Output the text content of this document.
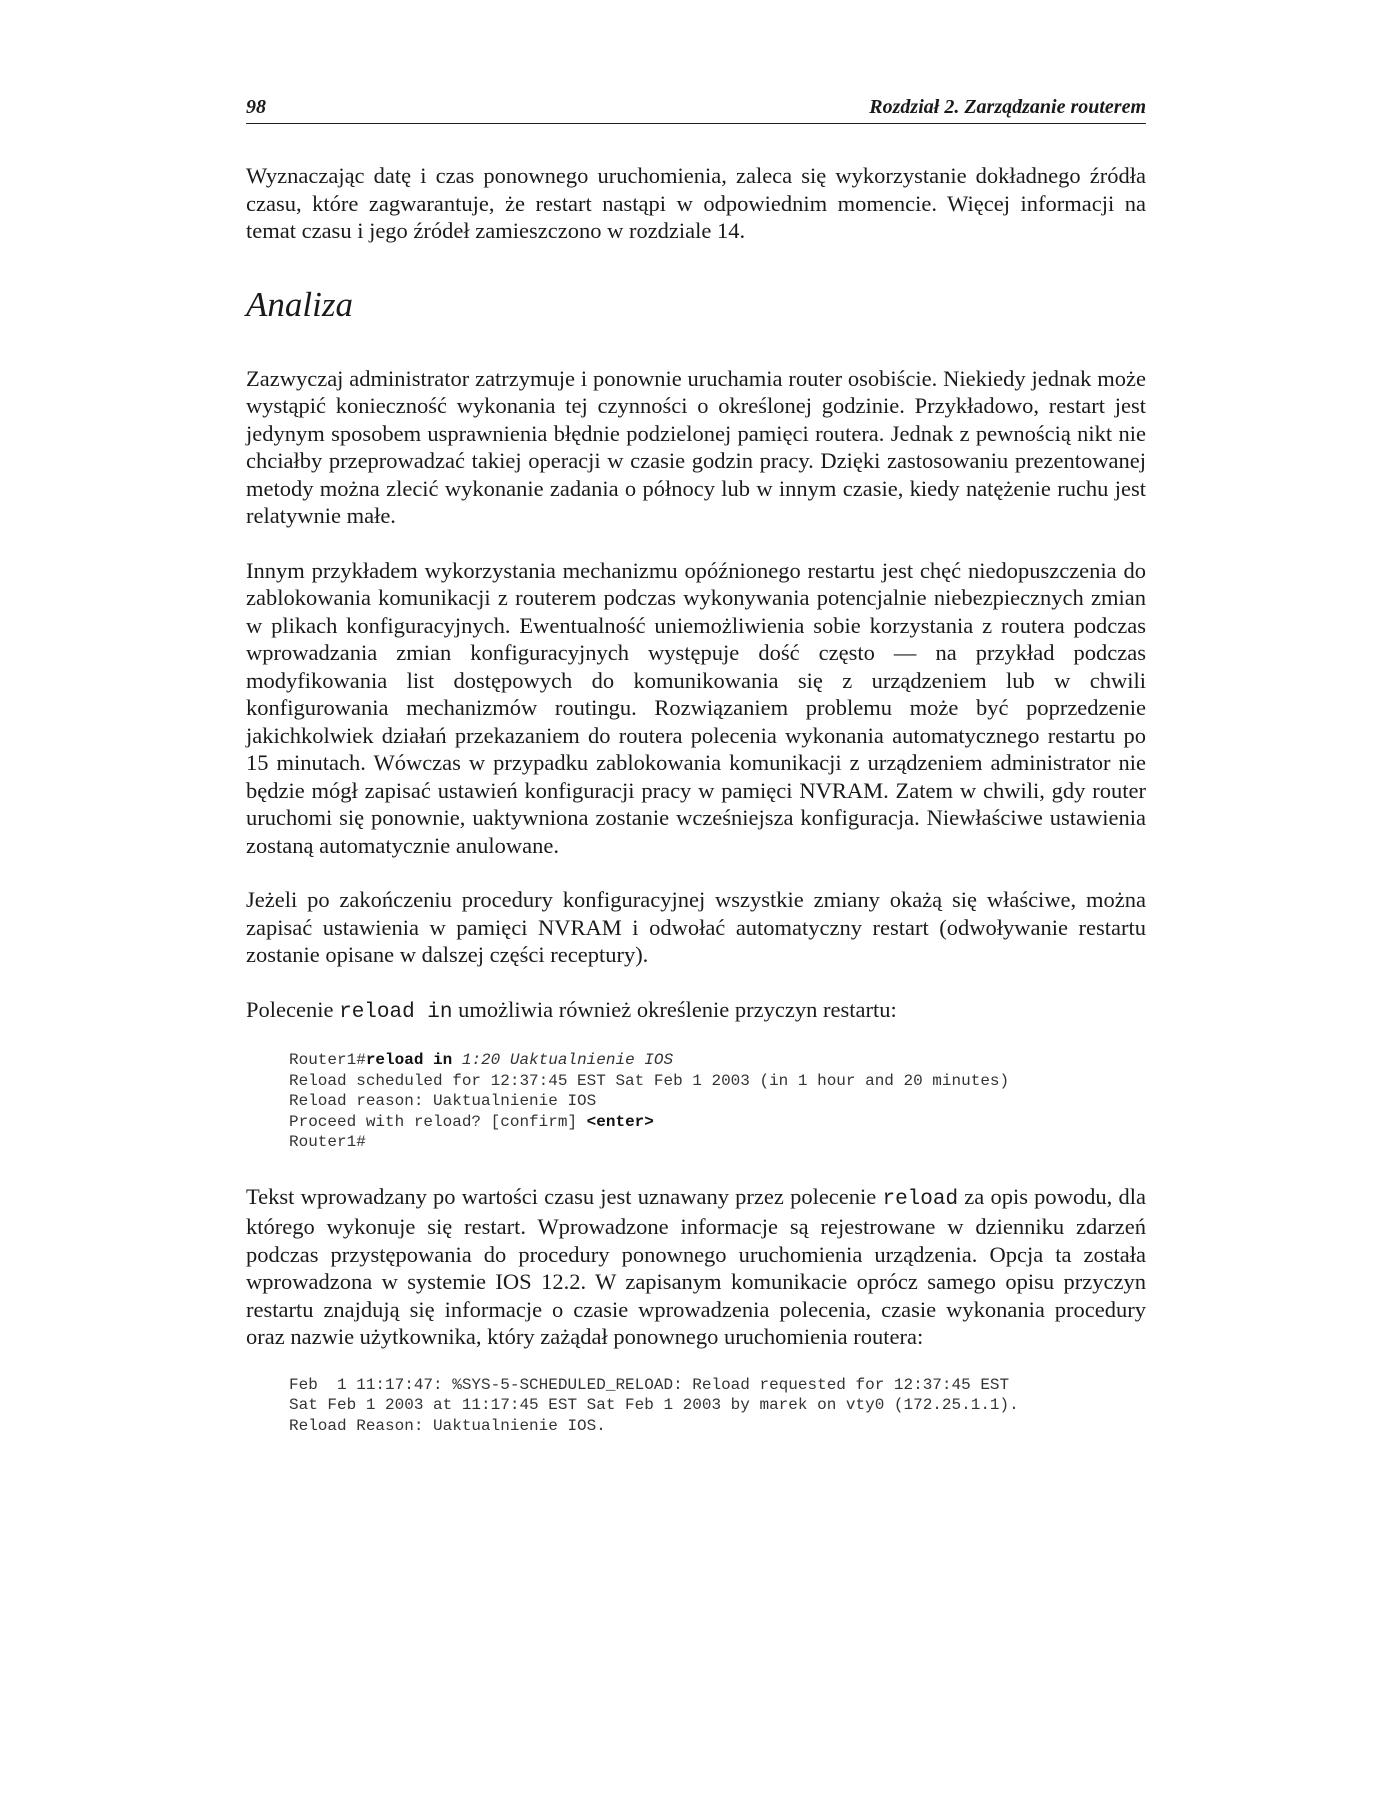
98	Rozdział 2. Zarządzanie routerem

Wyznaczając datę i czas ponownego uruchomienia, zaleca się wykorzystanie dokładnego źródła czasu, które zagwarantuje, że restart nastąpi w odpowiednim momencie. Więcej informacji na temat czasu i jego źródeł zamieszczono w rozdziale 14.

Analiza

Zazwyczaj administrator zatrzymuje i ponownie uruchamia router osobiście. Niekiedy jednak może wystąpić konieczność wykonania tej czynności o określonej godzinie. Przykładowo, restart jest jedynym sposobem usprawnienia błędnie podzielonej pamięci routera. Jednak z pewnością nikt nie chciałby przeprowadzać takiej operacji w czasie godzin pracy. Dzięki zastosowaniu prezentowanej metody można zlecić wykonanie zadania o północy lub w innym czasie, kiedy natężenie ruchu jest relatywnie małe.

Innym przykładem wykorzystania mechanizmu opóźnionego restartu jest chęć niedopuszczenia do zablokowania komunikacji z routerem podczas wykonywania potencjalnie niebezpiecznych zmian w plikach konfiguracyjnych. Ewentualność uniemożliwienia sobie korzystania z routera podczas wprowadzania zmian konfiguracyjnych występuje dość często — na przykład podczas modyfikowania list dostępowych do komunikowania się z urządzeniem lub w chwili konfigurowania mechanizmów routingu. Rozwiązaniem problemu może być poprzedzenie jakichkolwiek działań przekazaniem do routera polecenia wykonania automatycznego restartu po 15 minutach. Wówczas w przypadku zablokowania komunikacji z urządzeniem administrator nie będzie mógł zapisać ustawień konfiguracji pracy w pamięci NVRAM. Zatem w chwili, gdy router uruchomi się ponownie, uaktywniona zostanie wcześniejsza konfiguracja. Niewłaściwe ustawienia zostaną automatycznie anulowane.

Jeżeli po zakończeniu procedury konfiguracyjnej wszystkie zmiany okażą się właściwe, można zapisać ustawienia w pamięci NVRAM i odwołać automatyczny restart (odwoływanie restartu zostanie opisane w dalszej części receptury).

Polecenie reload in umożliwia również określenie przyczyn restartu:

Router1#reload in 1:20 Uaktualnienie IOS
Reload scheduled for 12:37:45 EST Sat Feb 1 2003 (in 1 hour and 20 minutes)
Reload reason: Uaktualnienie IOS
Proceed with reload? [confirm] <enter>
Router1#

Tekst wprowadzany po wartości czasu jest uznawany przez polecenie reload za opis powodu, dla którego wykonuje się restart. Wprowadzone informacje są rejestrowane w dzienniku zdarzeń podczas przystępowania do procedury ponownego uruchomienia urządzenia. Opcja ta została wprowadzona w systemie IOS 12.2. W zapisanym komunikacie oprócz samego opisu przyczyn restartu znajdują się informacje o czasie wprowadzenia polecenia, czasie wykonania procedury oraz nazwie użytkownika, który zażądał ponownego uruchomienia routera:

Feb  1 11:17:47: %SYS-5-SCHEDULED_RELOAD: Reload requested for 12:37:45 EST
Sat Feb 1 2003 at 11:17:45 EST Sat Feb 1 2003 by marek on vty0 (172.25.1.1).
Reload Reason: Uaktualnienie IOS.
